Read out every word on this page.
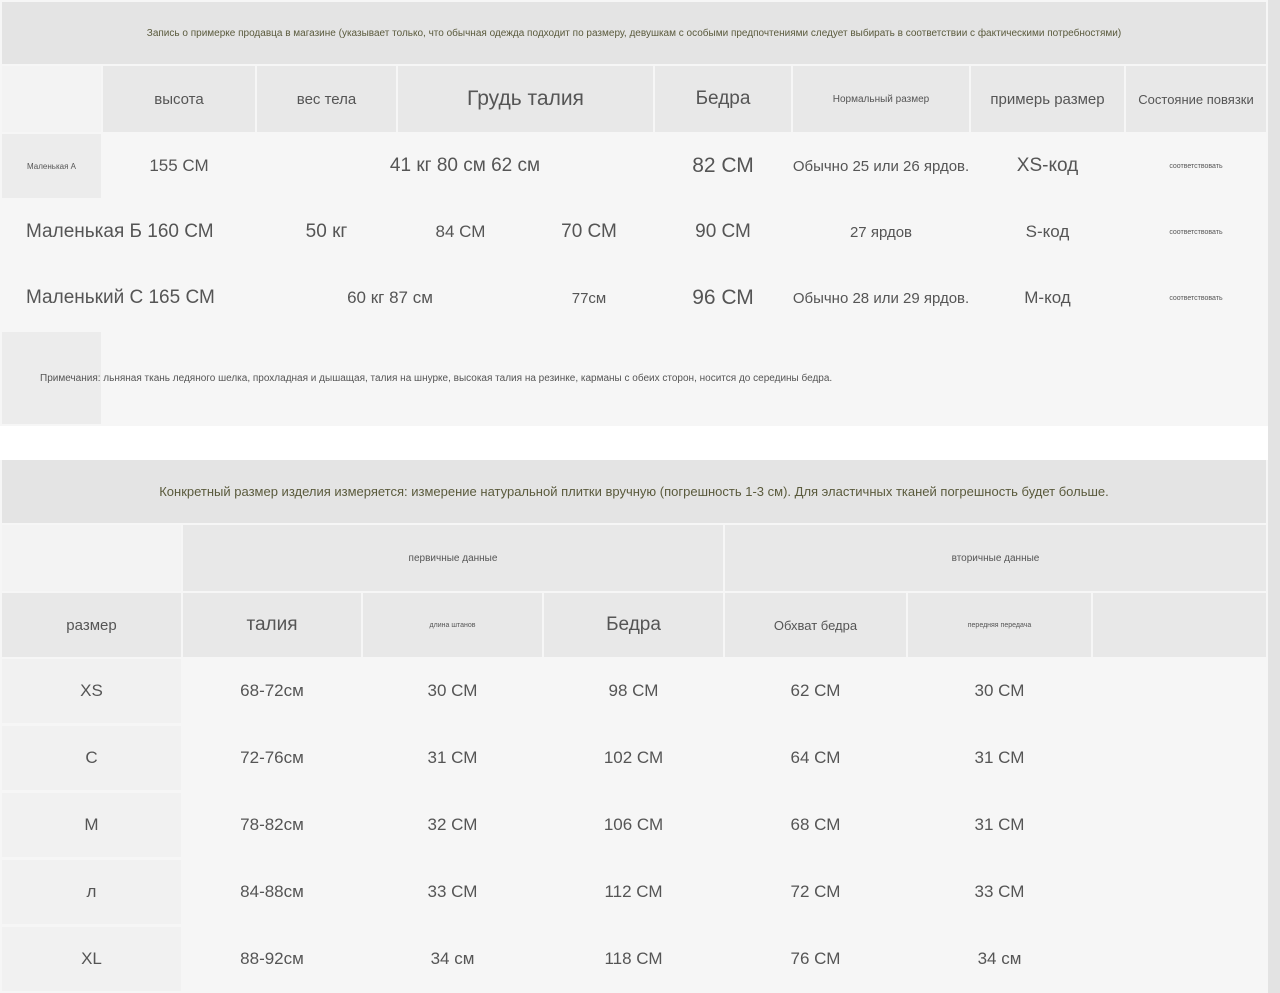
Запись о примерке продавца в магазине (указывает только, что обычная одежда подходит по размеру, девушкам с особыми предпочтениями следует выбирать в соответствии с фактическими потребностями)
высота	вес тела	Грудь талия	Бедра	Нормальный размер	примерь размер	Состояние повязки
Маленькая А	155 СМ	41 кг 80 см 62 см	82 СМ	Обычно 25 или 26 ярдов.	XS-код	соответствовать
Маленькая Б 160 СМ	50 кг	84 СМ	70 СМ	90 СМ	27 ярдов	S-код	соответствовать
Маленький С 165 СМ	60 кг 87 см	77см	96 СМ	Обычно 28 или 29 ярдов.	М-код	соответствовать
Примечания: льняная ткань ледяного шелка, прохладная и дышащая, талия на шнурке, высокая талия на резинке, карманы с обеих сторон, носится до середины бедра.
Конкретный размер изделия измеряется: измерение натуральной плитки вручную (погрешность 1-3 см). Для эластичных тканей погрешность будет больше.
первичные данные	вторичные данные
размер	талия	длина штанов	Бедра	Обхват бедра	передняя передача
XS	68-72см	30 СМ	98 СМ	62 СМ	30 СМ
С	72-76см	31 СМ	102 СМ	64 СМ	31 СМ
М	78-82см	32 СМ	106 СМ	68 СМ	31 СМ
л	84-88см	33 СМ	112 СМ	72 СМ	33 СМ
XL	88-92см	34 см	118 СМ	76 СМ	34 см
